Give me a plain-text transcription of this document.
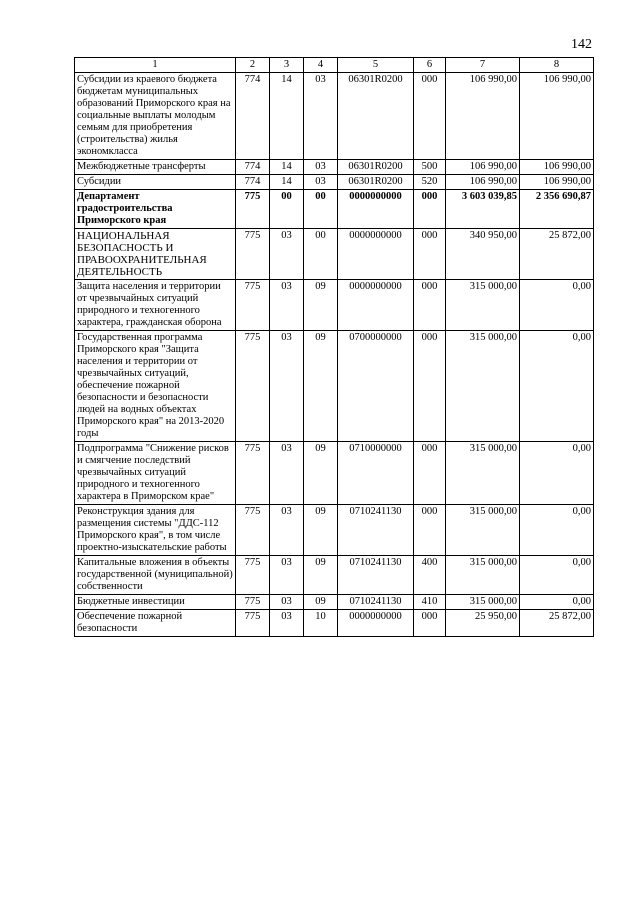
142
1	2	3	4	5	6	7	8
Субсидии из краевого бюджета бюджетам муниципальных образований Приморского края на социальные выплаты молодым семьям для приобретения (строительства) жилья экономкласса	774	14	03	06301R0200	000	106 990,00	106 990,00
Межбюджетные трансферты	774	14	03	06301R0200	500	106 990,00	106 990,00
Субсидии	774	14	03	06301R0200	520	106 990,00	106 990,00
Департамент градостроительства Приморского края	775	00	00	0000000000	000	3 603 039,85	2 356 690,87
НАЦИОНАЛЬНАЯ БЕЗОПАСНОСТЬ И ПРАВООХРАНИТЕЛЬНАЯ ДЕЯТЕЛЬНОСТЬ	775	03	00	0000000000	000	340 950,00	25 872,00
Защита населения и территории от чрезвычайных ситуаций природного и техногенного характера, гражданская оборона	775	03	09	0000000000	000	315 000,00	0,00
Государственная программа Приморского края "Защита населения и территории от чрезвычайных ситуаций, обеспечение пожарной безопасности и безопасности людей на водных объектах Приморского края" на 2013-2020 годы	775	03	09	0700000000	000	315 000,00	0,00
Подпрограмма "Снижение рисков и смягчение последствий чрезвычайных ситуаций природного и техногенного характера в Приморском крае"	775	03	09	0710000000	000	315 000,00	0,00
Реконструкция здания для размещения системы "ДДС-112 Приморского края", в том числе проектно-изыскательские работы	775	03	09	0710241130	000	315 000,00	0,00
Капитальные вложения в объекты государственной (муниципальной) собственности	775	03	09	0710241130	400	315 000,00	0,00
Бюджетные инвестиции	775	03	09	0710241130	410	315 000,00	0,00
Обеспечение пожарной безопасности	775	03	10	0000000000	000	25 950,00	25 872,00
